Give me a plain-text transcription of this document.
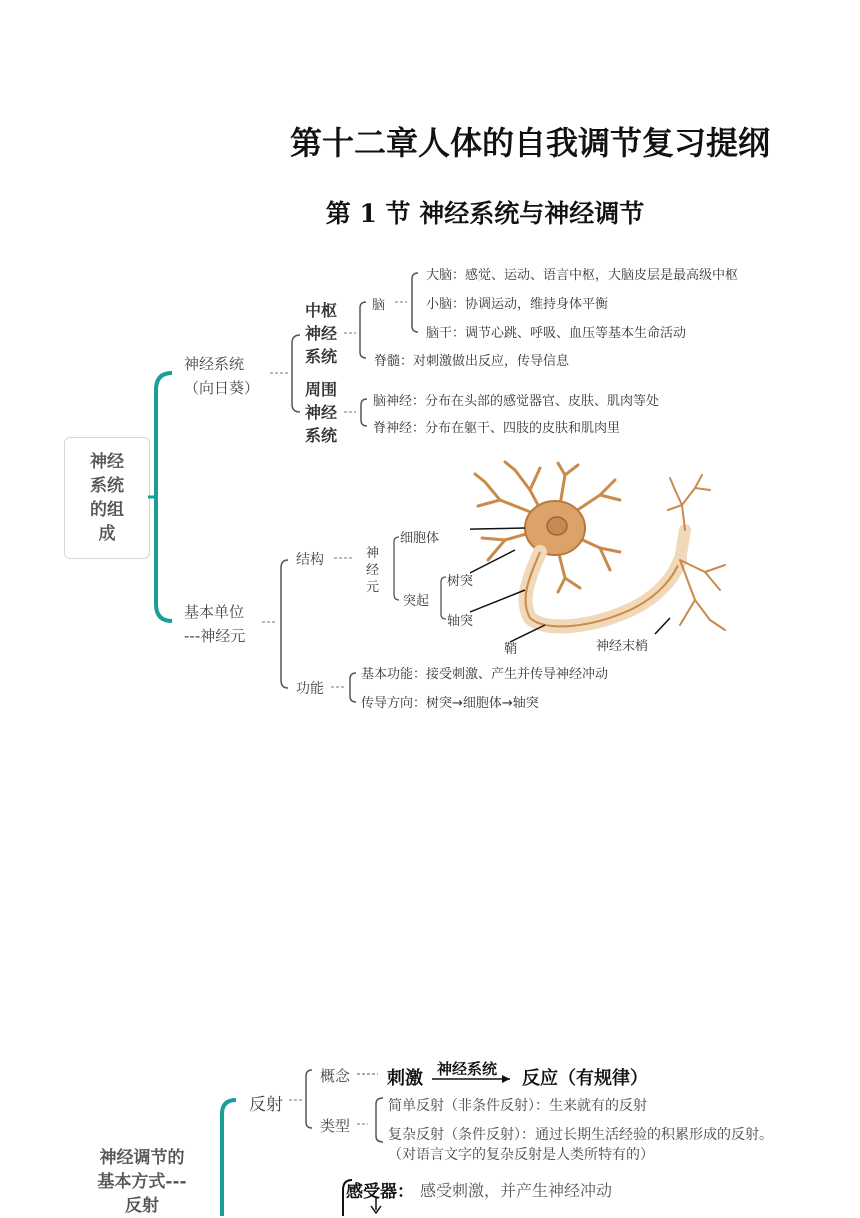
第十二章人体的自我调节复习提纲
第 1 节 神经系统与神经调节
神经
系统
的组
成
神经系统
（向日葵）
中枢
神经
系统
脑
大脑：感觉、运动、语言中枢，大脑皮层是最高级中枢
小脑：协调运动，维持身体平衡
脑干：调节心跳、呼吸、血压等基本生命活动
脊髓：对刺激做出反应，传导信息
周围
神经
系统
脑神经：分布在头部的感觉器官、皮肤、肌肉等处
脊神经：分布在躯干、四肢的皮肤和肌肉里
基本单位
---神经元
结构	神
经
元
细胞体
突起
树突
轴突
鞘	神经末梢
功能
基本功能：接受刺激、产生并传导神经冲动
传导方向：树突→细胞体→轴突
神经调节的
基本方式---
反射
反射
概念 刺激 神经系统 反应（有规律）
类型
简单反射（非条件反射）：生来就有的反射
复杂反射（条件反射）：通过长期生活经验的积累形成的反射。
（对语言文字的复杂反射是人类所特有的）
感受器： 感受刺激，并产生神经冲动
